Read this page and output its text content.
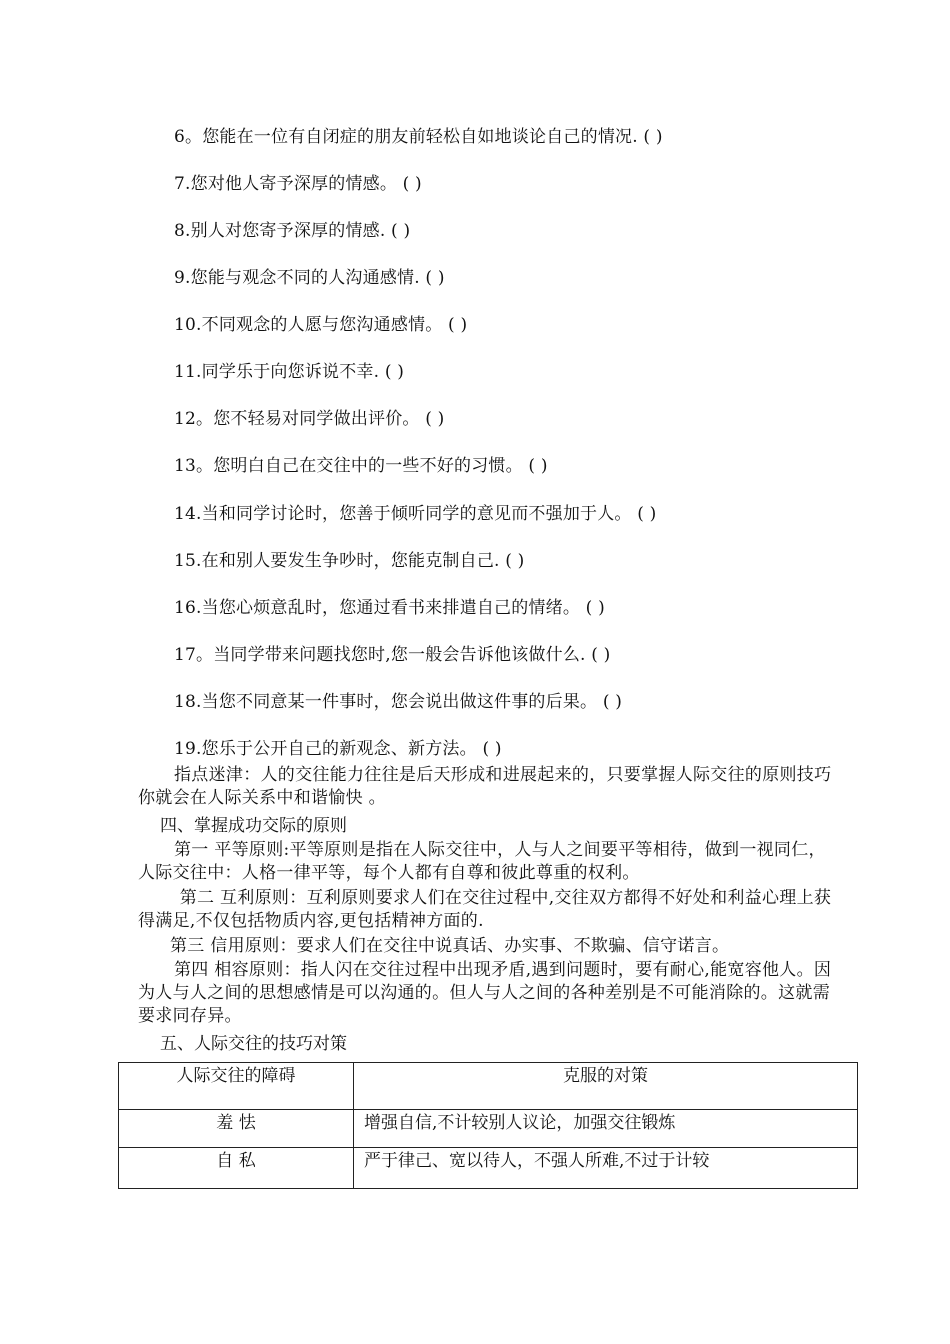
6。您能在一位有自闭症的朋友前轻松自如地谈论自己的情况. ( )
7.您对他人寄予深厚的情感。 ( )
8.别人对您寄予深厚的情感. ( )
9.您能与观念不同的人沟通感情. ( )
10.不同观念的人愿与您沟通感情。 ( )
11.同学乐于向您诉说不幸. ( )
12。您不轻易对同学做出评价。 ( )
13。您明白自己在交往中的一些不好的习惯。 ( )
14.当和同学讨论时，您善于倾听同学的意见而不强加于人。 ( )
15.在和别人要发生争吵时，您能克制自己. ( )
16.当您心烦意乱时，您通过看书来排遣自己的情绪。 ( )
17。当同学带来问题找您时,您一般会告诉他该做什么. ( )
18.当您不同意某一件事时，您会说出做这件事的后果。 ( )
19.您乐于公开自己的新观念、新方法。 ( )
指点迷津：人的交往能力往往是后天形成和进展起来的，只要掌握人际交往的原则技巧你就会在人际关系中和谐愉快 。
四、掌握成功交际的原则
第一 平等原则:平等原则是指在人际交往中，人与人之间要平等相待，做到一视同仁，人际交往中：人格一律平等，每个人都有自尊和彼此尊重的权利。
第二 互利原则：互利原则要求人们在交往过程中,交往双方都得不好处和利益心理上获得满足,不仅包括物质内容,更包括精神方面的.
第三 信用原则：要求人们在交往中说真话、办实事、不欺骗、信守诺言。
第四 相容原则：指人闪在交往过程中出现矛盾,遇到问题时，要有耐心,能宽容他人。因为人与人之间的思想感情是可以沟通的。但人与人之间的各种差别是不可能消除的。这就需要求同存异。
五、人际交往的技巧对策
人际交往的障碍	克服的对策
羞 怯	增强自信,不计较别人议论，加强交往锻炼
自 私	严于律己、宽以待人，不强人所难,不过于计较
